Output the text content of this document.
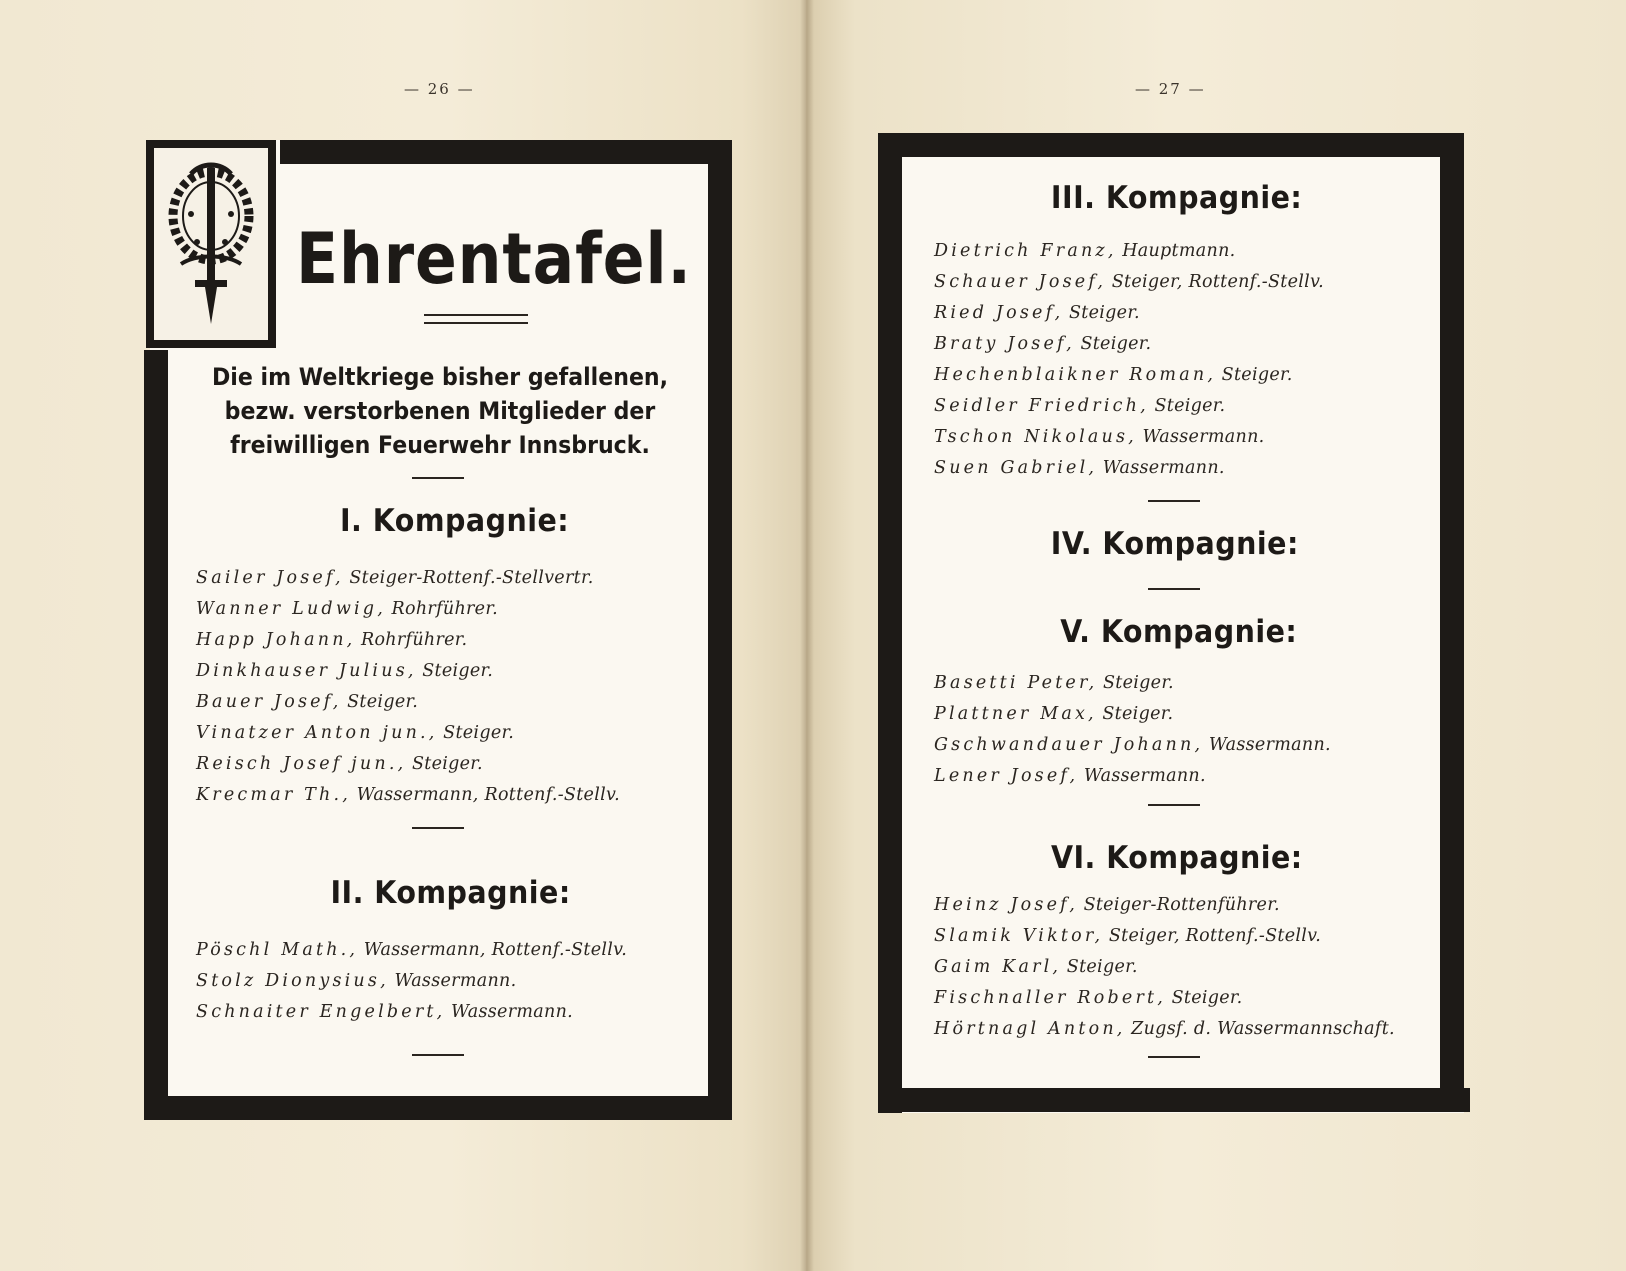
— 26 —	— 27 —
Ehrentafel.
Die im Weltkriege bisher gefallenen, bezw. verstorbenen Mitglieder der freiwilligen Feuerwehr Innsbruck.
I. Kompagnie:
Sailer Josef, Steiger-Rottenf.-Stellvertr.
Wanner Ludwig, Rohrführer.
Happ Johann, Rohrführer.
Dinkhauser Julius, Steiger.
Bauer Josef, Steiger.
Vinatzer Anton jun., Steiger.
Reisch Josef jun., Steiger.
Krecmar Th., Wassermann, Rottenf.-Stellv.
II. Kompagnie:
Pöschl Math., Wassermann, Rottenf.-Stellv.
Stolz Dionysius, Wassermann.
Schnaiter Engelbert, Wassermann.
III. Kompagnie:
Dietrich Franz, Hauptmann.
Schauer Josef, Steiger, Rottenf.-Stellv.
Ried Josef, Steiger.
Braty Josef, Steiger.
Hechenblaikner Roman, Steiger.
Seidler Friedrich, Steiger.
Tschon Nikolaus, Wassermann.
Suen Gabriel, Wassermann.
IV. Kompagnie:
V. Kompagnie:
Basetti Peter, Steiger.
Plattner Max, Steiger.
Gschwandauer Johann, Wassermann.
Lener Josef, Wassermann.
VI. Kompagnie:
Heinz Josef, Steiger-Rottenführer.
Slamik Viktor, Steiger, Rottenf.-Stellv.
Gaim Karl, Steiger.
Fischnaller Robert, Steiger.
Hörtnagl Anton, Zugsf. d. Wassermannschaft.
